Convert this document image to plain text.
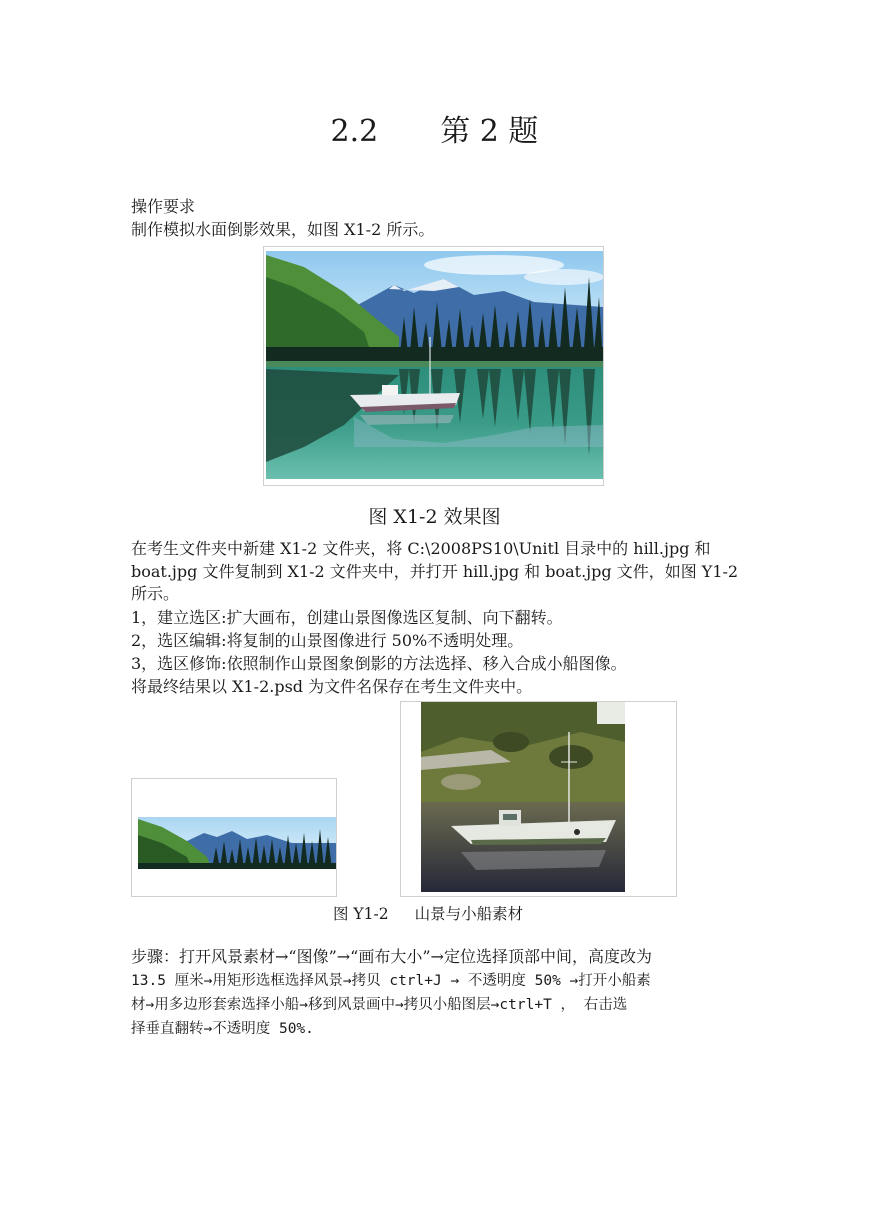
2.2 第 2 题
操作要求
制作模拟水面倒影效果，如图 X1-2 所示。
图 X1-2 效果图
在考生文件夹中新建 X1-2 文件夹，将 C:\2008PS10\Unitl 目录中的 hill.jpg 和
boat.jpg 文件复制到 X1-2 文件夹中，并打开 hill.jpg 和 boat.jpg 文件，如图 Y1-2
所示。
1，建立选区:扩大画布，创建山景图像选区复制、向下翻转。
2，选区编辑:将复制的山景图像进行 50%不透明处理。
3，选区修饰:依照制作山景图象倒影的方法选择、移入合成小船图像。
将最终结果以 X1-2.psd 为文件名保存在考生文件夹中。
图 Y1-2 山景与小船素材
步骤：打开风景素材→“图像”→“画布大小”→定位选择顶部中间，高度改为
13.5 厘米→用矩形选框选择风景→拷贝 ctrl+J → 不透明度 50% →打开小船素
材→用多边形套索选择小船→移到风景画中→拷贝小船图层→ctrl+T ， 右击选
择垂直翻转→不透明度 50%.
